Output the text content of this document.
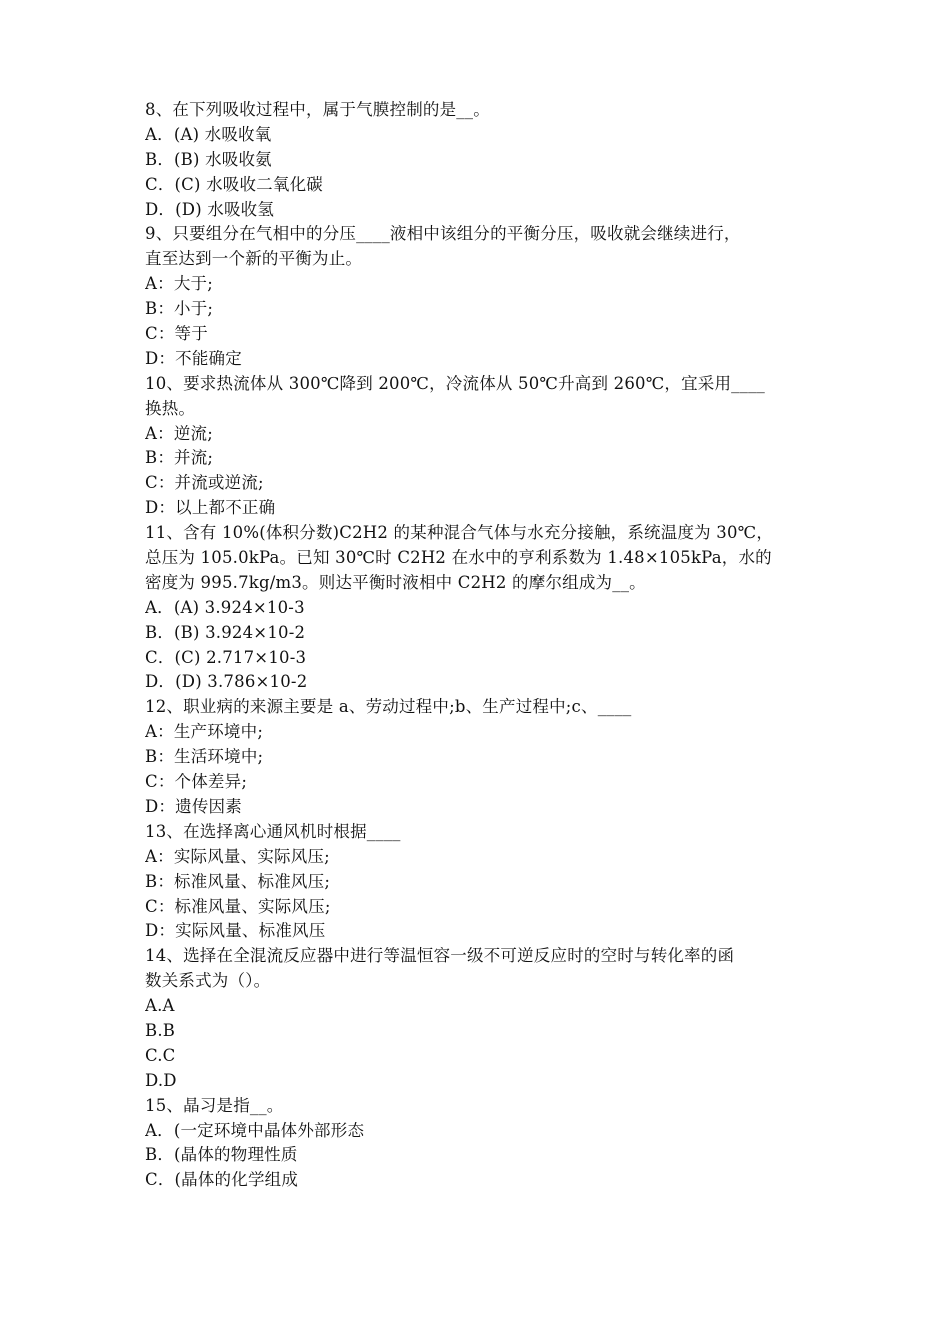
8、在下列吸收过程中，属于气膜控制的是__。
A．(A) 水吸收氧
B．(B) 水吸收氨
C．(C) 水吸收二氧化碳
D．(D) 水吸收氢
9、只要组分在气相中的分压____液相中该组分的平衡分压，吸收就会继续进行，
直至达到一个新的平衡为止。
A：大于;
B：小于;
C：等于
D：不能确定
10、要求热流体从 300℃降到 200℃，冷流体从 50℃升高到 260℃，宜采用____
换热。
A：逆流;
B：并流;
C：并流或逆流;
D：以上都不正确
11、含有 10%(体积分数)C2H2 的某种混合气体与水充分接触，系统温度为 30℃，
总压为 105.0kPa。已知 30℃时 C2H2 在水中的亨利系数为 1.48×105kPa，水的
密度为 995.7kg/m3。则达平衡时液相中 C2H2 的摩尔组成为__。
A．(A) 3.924×10-3
B．(B) 3.924×10-2
C．(C) 2.717×10-3
D．(D) 3.786×10-2
12、职业病的来源主要是 a、劳动过程中;b、生产过程中;c、____
A：生产环境中;
B：生活环境中;
C：个体差异;
D：遗传因素
13、在选择离心通风机时根据____
A：实际风量、实际风压;
B：标准风量、标准风压;
C：标准风量、实际风压;
D：实际风量、标准风压
14、选择在全混流反应器中进行等温恒容一级不可逆反应时的空时与转化率的函
数关系式为（）。
A.A
B.B
C.C
D.D
15、晶习是指__。
A．(一定环境中晶体外部形态
B．(晶体的物理性质
C．(晶体的化学组成
